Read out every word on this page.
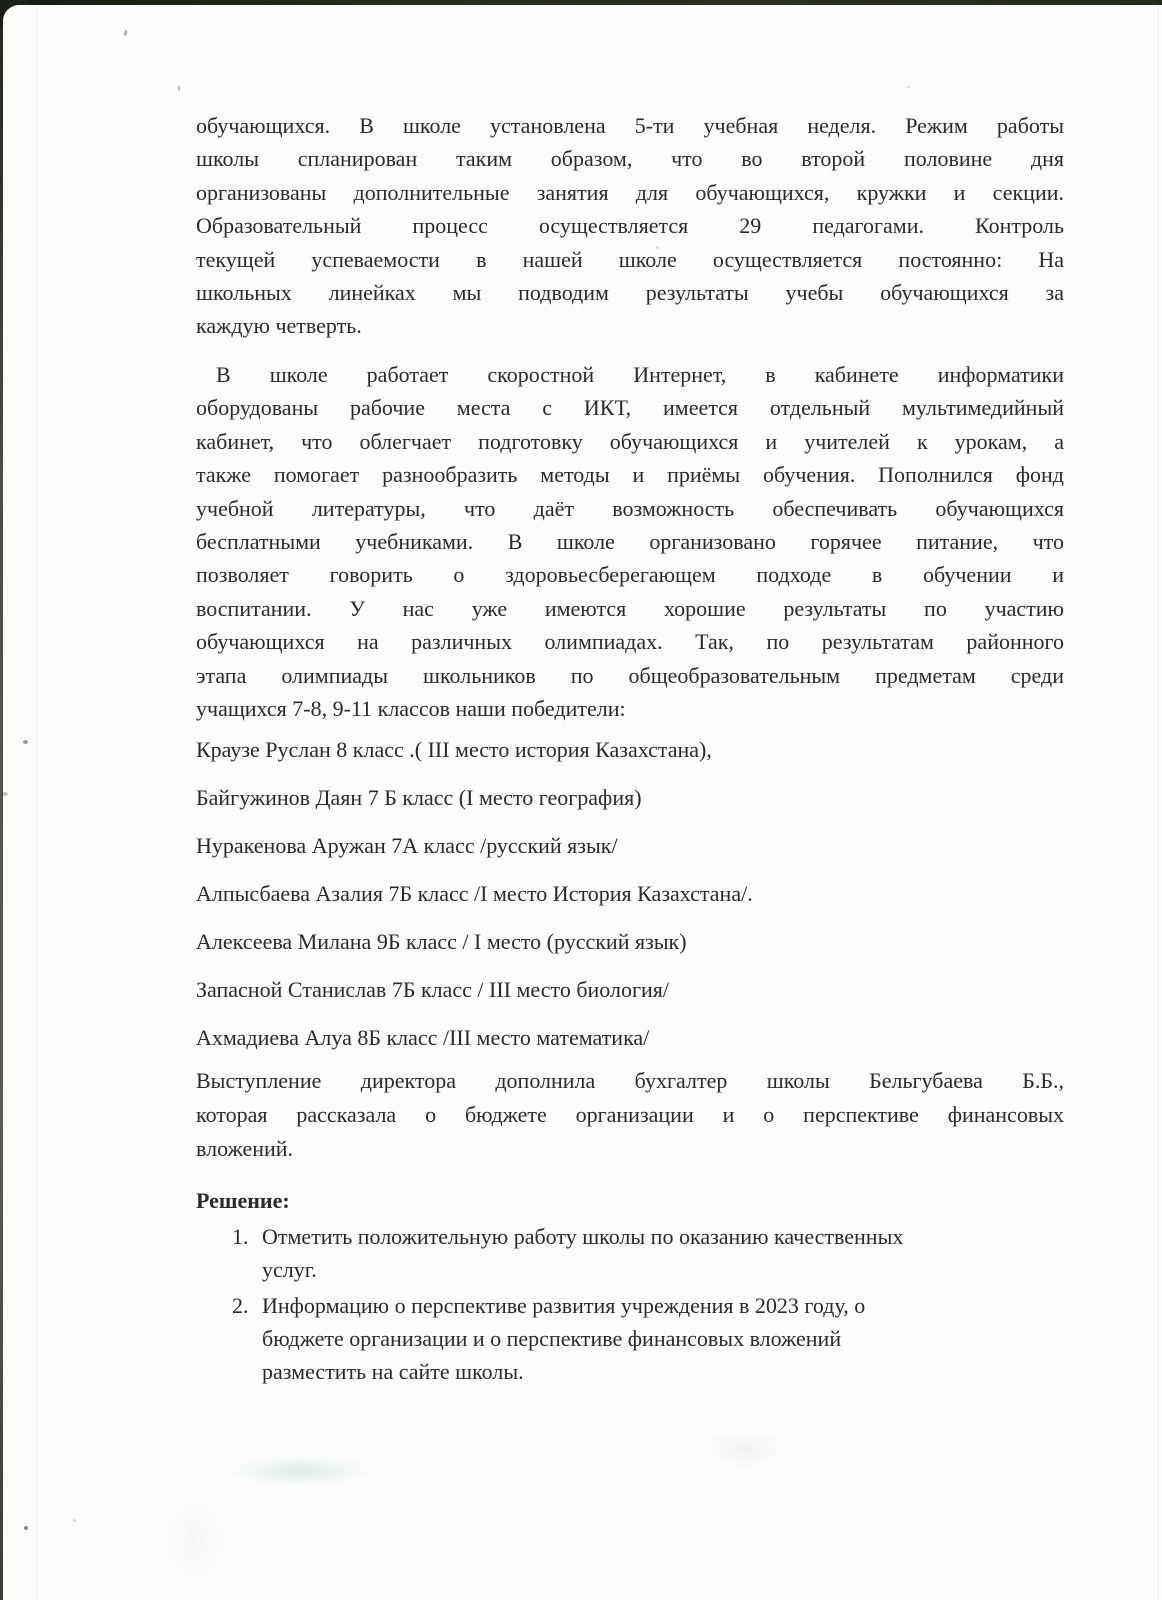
обучающихся. В школе установлена 5-ти учебная неделя. Режим работы
школы спланирован таким образом, что во второй половине дня
организованы дополнительные занятия для обучающихся, кружки и секции.
Образовательный процесс осуществляется 29 педагогами. Контроль
текущей успеваемости в нашей школе осуществляется постоянно: На
школьных линейках мы подводим результаты учебы обучающихся за
каждую четверть.
В школе работает скоростной Интернет, в кабинете информатики
оборудованы рабочие места с ИКТ, имеется отдельный мультимедийный
кабинет, что облегчает подготовку обучающихся и учителей к урокам, а
также помогает разнообразить методы и приёмы обучения. Пополнился фонд
учебной литературы, что даёт возможность обеспечивать обучающихся
бесплатными учебниками. В школе организовано горячее питание, что
позволяет говорить о здоровьесберегающем подходе в обучении и
воспитании. У нас уже имеются хорошие результаты по участию
обучающихся на различных олимпиадах. Так, по результатам районного
этапа олимпиады школьников по общеобразовательным предметам среди
учащихся 7-8, 9-11 классов наши победители:
Краузе Руслан 8 класс .( III место история Казахстана),
Байгужинов Даян 7 Б класс (I место география)
Нуракенова Аружан 7А класс /русский язык/
Алпысбаева Азалия 7Б класс /I место История Казахстана/.
Алексеева Милана 9Б класс / I место (русский язык)
Запасной Станислав 7Б класс / III место биология/
Ахмадиева Алуа 8Б класс /III место математика/
Выступление директора дополнила бухгалтер школы Бельгубаева Б.Б.,
которая рассказала о бюджете организации и о перспективе финансовых
вложений.
Решение:
1. Отметить положительную работу школы по оказанию качественных
услуг.
2. Информацию о перспективе развития учреждения в 2023 году, о
бюджете организации и о перспективе финансовых вложений
разместить на сайте школы.
